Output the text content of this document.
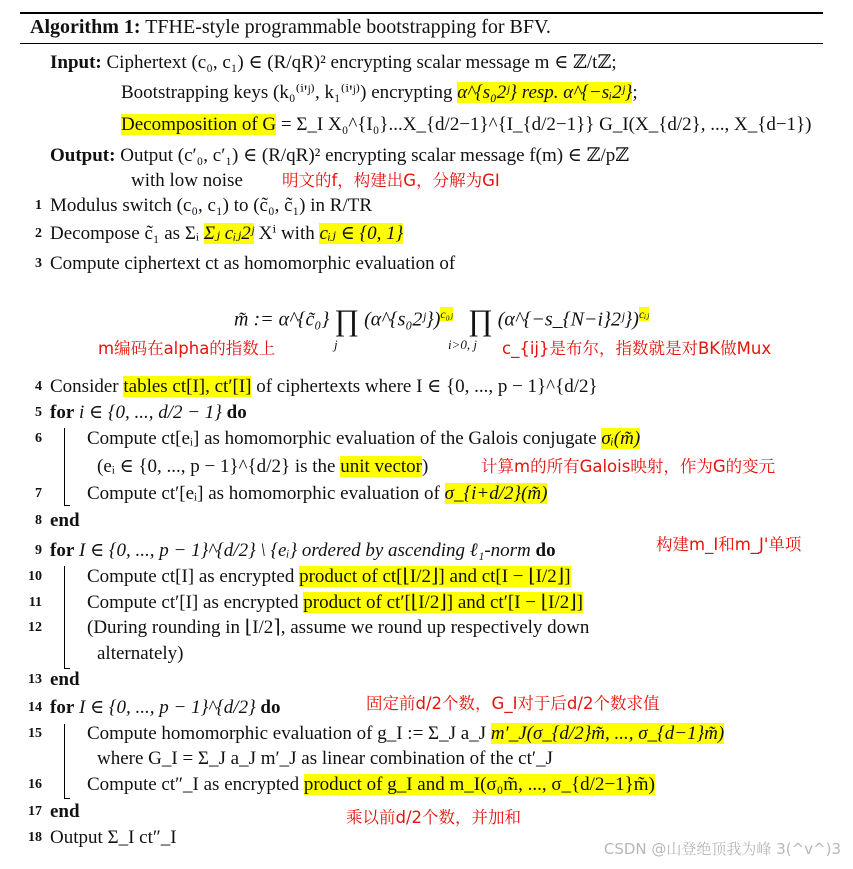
Algorithm 1: TFHE-style programmable bootstrapping for BFV.
Input: Ciphertext (c₀, c₁) ∈ (R/qR)² encrypting scalar message m ∈ ℤ/tℤ;
Bootstrapping keys (k₀⁽ⁱ'ʲ⁾, k₁⁽ⁱ'ʲ⁾) encrypting α^{s₀2ʲ} resp. α^{−sᵢ2ʲ};
Decomposition of G = Σ_I X₀^{I₀}...X_{d/2−1}^{I_{d/2−1}} G_I(X_{d/2}, ..., X_{d−1})
Output: Output (c′₀, c′₁) ∈ (R/qR)² encrypting scalar message f(m) ∈ ℤ/pℤ
with low noise 明文的f，构建出G，分解为GI
1 Modulus switch (c₀, c₁) to (c̃₀, c̃₁) in R/TR
2 Decompose c̃₁ as Σᵢ Σⱼ cᵢⱼ2ʲ Xⁱ with cᵢⱼ ∈ {0, 1}
3 Compute ciphertext ct as homomorphic evaluation of
m̃ := α^{c̃₀} ∏ (α^{s₀2ʲ})$^{c_0ⱼ}$ ∏ (α^{−s_{N−i}2ʲ})$^{cᵢⱼ}$
j	i>0, j
m编码在alpha的指数上	c_{ij}是布尔，指数就是对BK做Mux
4 Consider tables ct[I], ct′[I] of ciphertexts where I ∈ {0, ..., p − 1}^{d/2}
5 for i ∈ {0, ..., d/2 − 1} do
6 Compute ct[eᵢ] as homomorphic evaluation of the Galois conjugate σᵢ(m̃)
(eᵢ ∈ {0, ..., p − 1}^{d/2} is the unit vector)	计算m的所有Galois映射，作为G的变元
7 Compute ct′[eᵢ] as homomorphic evaluation of σ_{i+d/2}(m̃)
8 end
9 for I ∈ {0, ..., p − 1}^{d/2} \ {eᵢ} ordered by ascending ℓ₁-norm do	构建m_I和m_J'单项
10 Compute ct[I] as encrypted product of ct[⌊I/2⌋] and ct[I − ⌊I/2⌋]
11 Compute ct′[I] as encrypted product of ct′[⌊I/2⌋] and ct′[I − ⌊I/2⌋]
12 (During rounding in ⌊I/2⌉, assume we round up respectively down
alternately)
13 end
14 for I ∈ {0, ..., p − 1}^{d/2} do	固定前d/2个数，G_I对于后d/2个数求值
15 Compute homomorphic evaluation of g_I := Σ_J a_J m′_J(σ_{d/2}m̃, ..., σ_{d−1}m̃)
where G_I = Σ_J a_J m′_J as linear combination of the ct′_J
16 Compute ct″_I as encrypted product of g_I and m_I(σ₀m̃, ..., σ_{d/2−1}m̃)
17 end	乘以前d/2个数，并加和
18 Output Σ_I ct″_I
CSDN @山登绝顶我为峰 3(^v^)3
